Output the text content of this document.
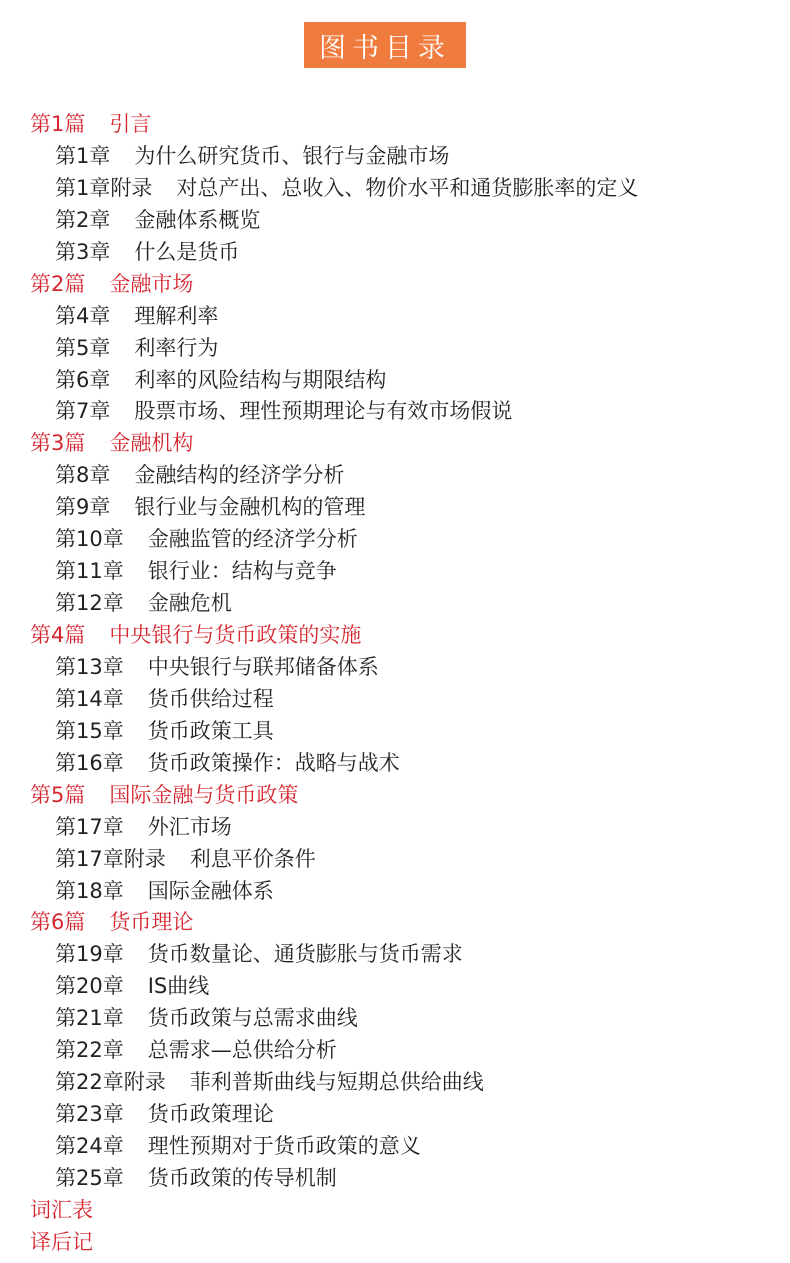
图书目录
第1篇 引言
第1章 为什么研究货币、银行与金融市场
第1章附录 对总产出、总收入、物价水平和通货膨胀率的定义
第2章 金融体系概览
第3章 什么是货币
第2篇 金融市场
第4章 理解利率
第5章 利率行为
第6章 利率的风险结构与期限结构
第7章 股票市场、理性预期理论与有效市场假说
第3篇 金融机构
第8章 金融结构的经济学分析
第9章 银行业与金融机构的管理
第10章 金融监管的经济学分析
第11章 银行业：结构与竞争
第12章 金融危机
第4篇 中央银行与货币政策的实施
第13章 中央银行与联邦储备体系
第14章 货币供给过程
第15章 货币政策工具
第16章 货币政策操作：战略与战术
第5篇 国际金融与货币政策
第17章 外汇市场
第17章附录 利息平价条件
第18章 国际金融体系
第6篇 货币理论
第19章 货币数量论、通货膨胀与货币需求
第20章 IS曲线
第21章 货币政策与总需求曲线
第22章 总需求—总供给分析
第22章附录 菲利普斯曲线与短期总供给曲线
第23章 货币政策理论
第24章 理性预期对于货币政策的意义
第25章 货币政策的传导机制
词汇表
译后记
